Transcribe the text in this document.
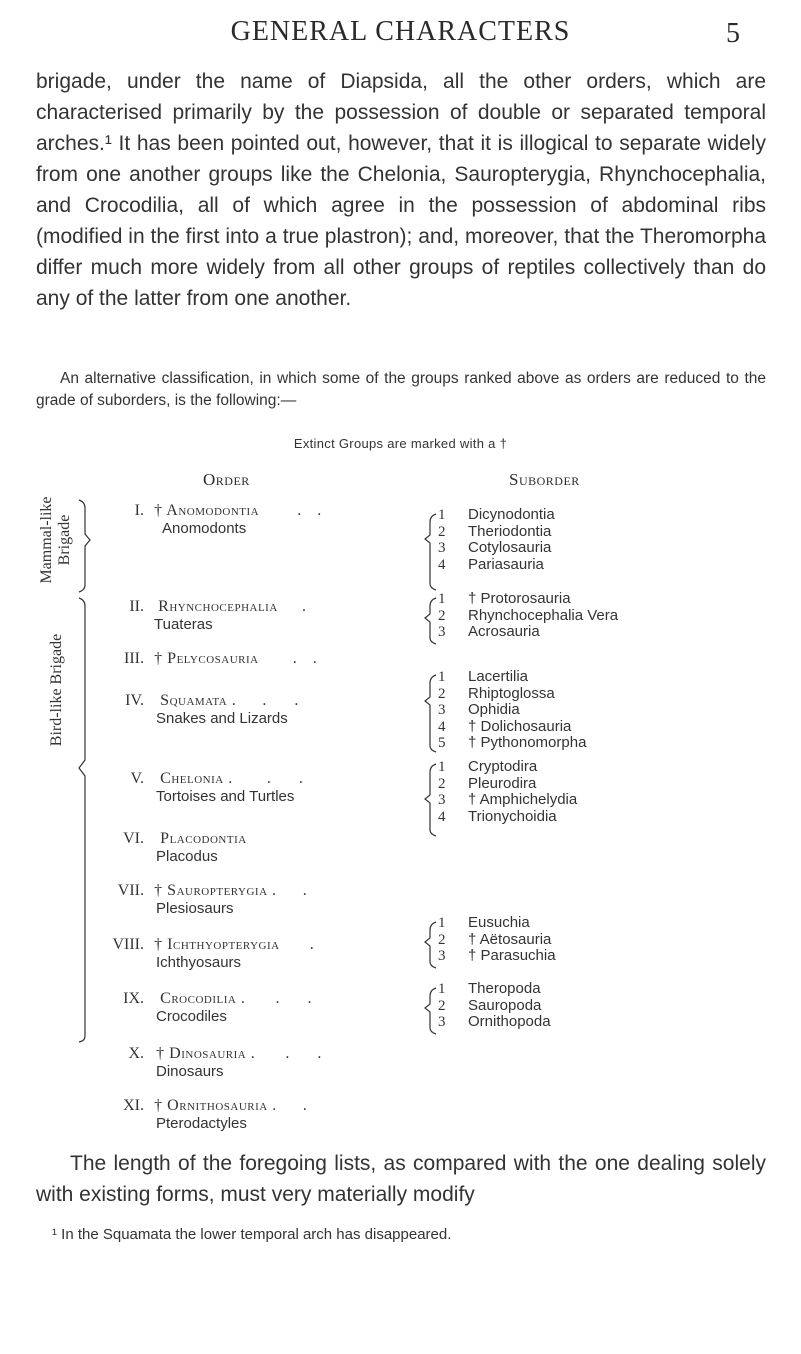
GENERAL CHARACTERS	5

brigade, under the name of Diapsida, all the other orders, which are characterised primarily by the possession of double or separated temporal arches.¹ It has been pointed out, however, that it is illogical to separate widely from one another groups like the Chelonia, Sauropterygia, Rhynchocephalia, and Crocodilia, all of which agree in the possession of abdominal ribs (modified in the first into a true plastron); and, moreover, that the Theromorpha differ much more widely from all other groups of reptiles collectively than do any of the latter from one another.

An alternative classification, in which some of the groups ranked above as orders are reduced to the grade of suborders, is the following:—

Extinct Groups are marked with a †
Order	Suborder
Mammal-like Brigade
Bird-like Brigade
I. † Anomodontia . .
Anomodonts
II. Rhynchocephalia .
Tuateras
III. † Pelycosauria . .
IV. Squamata . . .
Snakes and Lizards
V. Chelonia . . .
Tortoises and Turtles
VI. Placodontia
Placodus
VII. † Sauropterygia . .
Plesiosaurs
VIII. † Ichthyopterygia .
Ichthyosaurs
IX. Crocodilia . . .
Crocodiles
X. † Dinosauria . . .
Dinosaurs
XI. † Ornithosauria . .
Pterodactyles
1 Dicynodontia
2 Theriodontia
3 Cotylosauria
4 Pariasauria
1 † Protorosauria
2 Rhynchocephalia Vera
3 Acrosauria
1 Lacertilia
2 Rhiptoglossa
3 Ophidia
4 † Dolichosauria
5 † Pythonomorpha
1 Cryptodira
2 Pleurodira
3 † Amphichelydia
4 Trionychoidia
1 Eusuchia
2 † Aëtosauria
3 † Parasuchia
1 Theropoda
2 Sauropoda
3 Ornithopoda

The length of the foregoing lists, as compared with the one dealing solely with existing forms, must very materially modify

¹ In the Squamata the lower temporal arch has disappeared.
